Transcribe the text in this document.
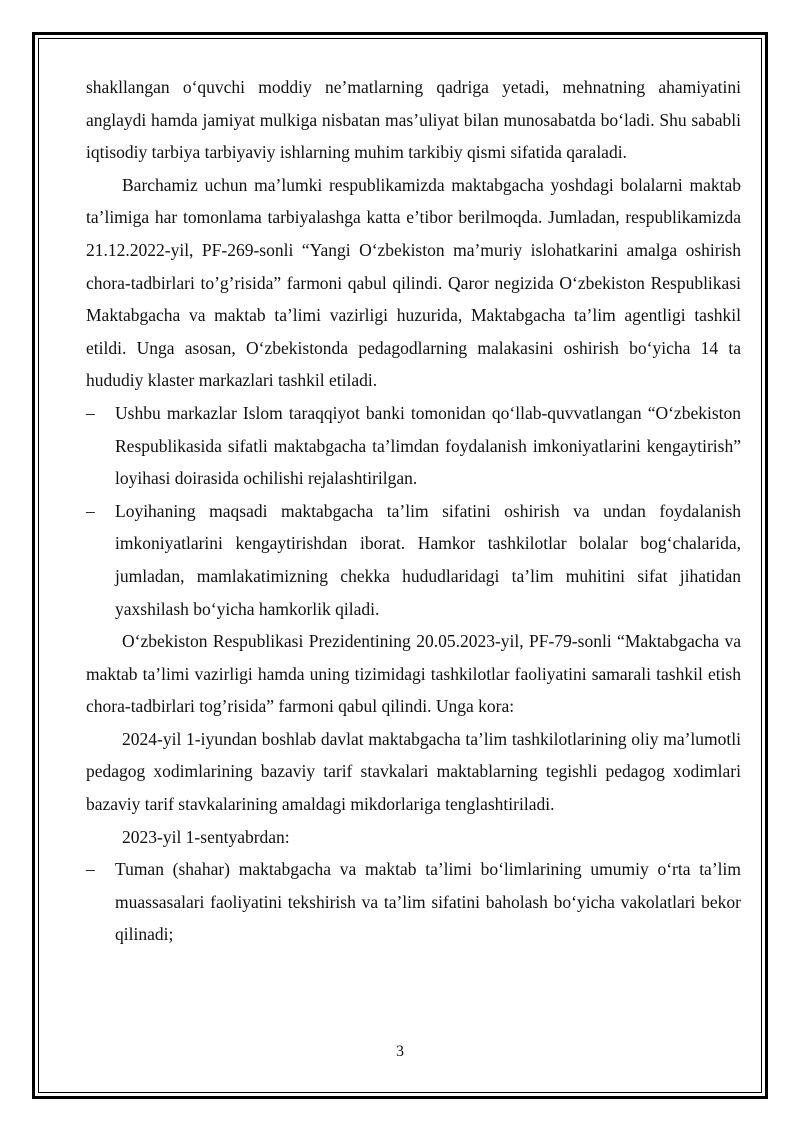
shakllangan o‘quvchi moddiy ne’matlarning qadriga yetadi, mehnatning ahamiyatini anglaydi hamda jamiyat mulkiga nisbatan mas’uliyat bilan munosabatda bo‘ladi. Shu sababli iqtisodiy tarbiya tarbiyaviy ishlarning muhim tarkibiy qismi sifatida qaraladi.

Barchamiz uchun ma’lumki respublikamizda maktabgacha yoshdagi bolalarni maktab ta’limiga har tomonlama tarbiyalashga katta e’tibor berilmoqda. Jumladan, respublikamizda 21.12.2022-yil, PF-269-sonli “Yangi O‘zbekiston ma’muriy islohatkarini amalga oshirish chora-tadbirlari to’g’risida” farmoni qabul qilindi. Qaror negizida O‘zbekiston Respublikasi Maktabgacha va maktab ta’limi vazirligi huzurida, Maktabgacha ta’lim agentligi tashkil etildi. Unga asosan, O‘zbekistonda pedagodlarning malakasini oshirish bo‘yicha 14 ta hududiy klaster markazlari tashkil etiladi.

– Ushbu markazlar Islom taraqqiyot banki tomonidan qo‘llab-quvvatlangan “O‘zbekiston Respublikasida sifatli maktabgacha ta’limdan foydalanish imkoniyatlarini kengaytirish” loyihasi doirasida ochilishi rejalashtirilgan.
– Loyihaning maqsadi maktabgacha ta’lim sifatini oshirish va undan foydalanish imkoniyatlarini kengaytirishdan iborat. Hamkor tashkilotlar bolalar bog‘chalarida, jumladan, mamlakatimizning chekka hududlaridagi ta’lim muhitini sifat jihatidan yaxshilash bo‘yicha hamkorlik qiladi.

O‘zbekiston Respublikasi Prezidentining 20.05.2023-yil, PF-79-sonli “Maktabgacha va maktab ta’limi vazirligi hamda uning tizimidagi tashkilotlar faoliyatini samarali tashkil etish chora-tadbirlari tog’risida” farmoni qabul qilindi. Unga kora:

2024-yil 1-iyundan boshlab davlat maktabgacha ta’lim tashkilotlarining oliy ma’lumotli pedagog xodimlarining bazaviy tarif stavkalari maktablarning tegishli pedagog xodimlari bazaviy tarif stavkalarining amaldagi mikdorlariga tenglashtiriladi.

2023-yil 1-sentyabrdan:

– Tuman (shahar) maktabgacha va maktab ta’limi bo‘limlarining umumiy o‘rta ta’lim muassasalari faoliyatini tekshirish va ta’lim sifatini baholash bo‘yicha vakolatlari bekor qilinadi;
3
